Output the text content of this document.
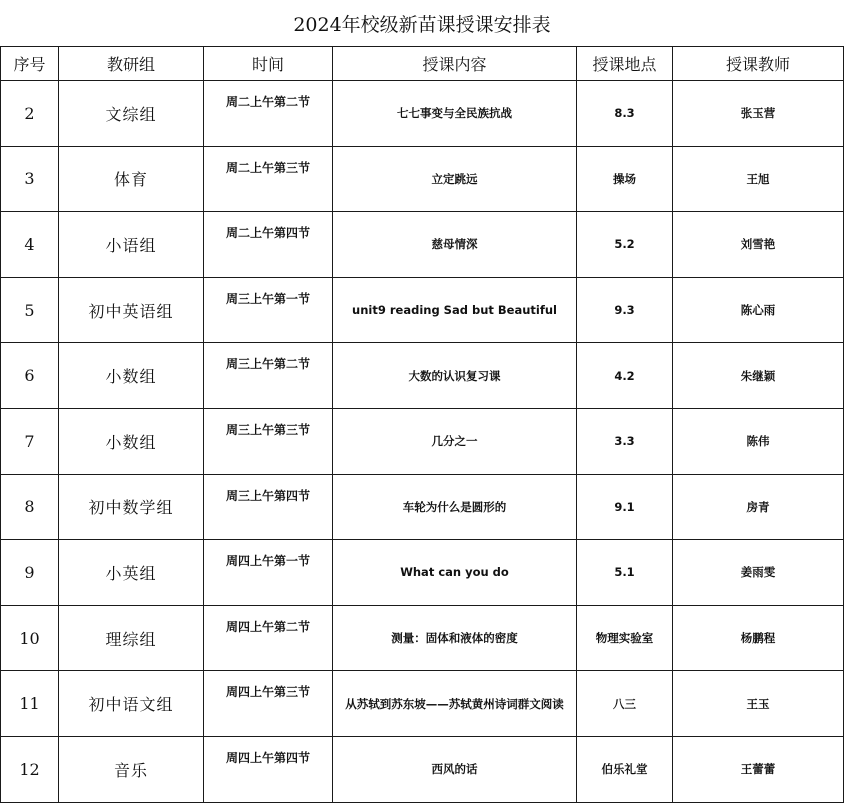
2024年校级新苗课授课安排表					
序号	教研组	时间	授课内容	授课地点	授课教师
2	文综组	周二上午第二节	七七事变与全民族抗战	8.3	张玉营
3	体育	周二上午第三节	立定跳远	操场	王旭
4	小语组	周二上午第四节	慈母情深	5.2	刘雪艳
5	初中英语组	周三上午第一节	unit9 reading Sad but Beautiful	9.3	陈心雨
6	小数组	周三上午第二节	大数的认识复习课	4.2	朱继颖
7	小数组	周三上午第三节	几分之一	3.3	陈伟
8	初中数学组	周三上午第四节	车轮为什么是圆形的	9.1	房青
9	小英组	周四上午第一节	What can you do	5.1	姜雨雯
10	理综组	周四上午第二节	测量：固体和液体的密度	物理实验室	杨鹏程
11	初中语文组	周四上午第三节	从苏轼到苏东坡——苏轼黄州诗词群文阅读	八三	王玉
12	音乐	周四上午第四节	西风的话	伯乐礼堂	王蕾蕾
